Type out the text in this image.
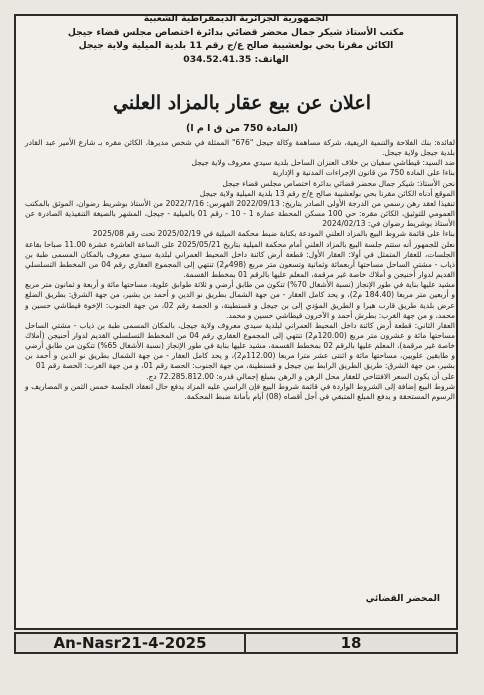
الجمهورية الجزائرية الديمقراطية الشعبية
مكتب الأستاذ شيكر جمال محضر قضائي بدائرة اختصاص مجلس قضاء جيجل
الكائن مقرنا بحي بولعشيبة صالح ع/ج رقم 11 بلدية الميلية ولاية جيجل
الهاتف: 034.52.41.35
اعلان عن بيع عقار بالمزاد العلني
(المادة 750 من ق ا م ا)

لفائدة: بنك الفلاحة والتنمية الريفية، شركة مساهمة وكالة جيجل "676" الممثلة في شخص مديرها، الكائن مقره بـ شارع الأمير عبد القادر بلدية جيجل ولاية جيجل.

ضد السيد: قيطاشي سفيان بن خلاف العنزان الساحل بلدية سيدي معروف ولاية جيجل

بناءا على المادة 750 من قانون الإجراءات المدنية و الإدارية

نحن الأستاذ: شيكر جمال محضر قضائي بدائرة اختصاص مجلس قضاء جيجل

الموقع أدناه الكائن مقرنا بحي بولعشيبة صالح ع/ج رقم 13 بلدية الميلية ولاية جيجل

تنفيذا لعقد رهن رسمي من الدرجة الأولى الصادر بتاريخ: 2022/09/13 الفهرس: 2022/7/16 من الأستاذ بوشريط رضوان، الموثق بالمكتب العمومي للتوثيق، الكائن مقره: حي 100 مسكن المحطة عمارة 1 - 10 - رقم 01 بالميلية - جيجل، المشهر بالصيغة التنفيذية الصادرة عن الأستاذ بوشريط رضوان في: 2024/02/13

بناءا على قائمة شروط البيع بالمزاد العلني المودعة بكتابة ضبط محكمة الميلية في 2025/02/19 تحت رقم 2025/08

نعلن للجمهور أنه ستتم جلسة البيع بالمزاد العلني أمام محكمة الميلية بتاريخ 2025/05/21 على الساعة العاشرة عشرة 11.00 صباحا بقاعة الجلسات، للعقار المتمثل في أولا: العقار الأول: قطعة أرض كائنة داخل المحيط العمراني لبلدية سيدي معروف بالمكان المسمى طبة بن ذياب - مشتي الساحل مساحتها أربعمائة وثمانية وتسعون متر مربع (498م2) تنتهي إلى المجموع العقاري رقم 04 من المخطط التسلسلي القديم لدوار أحنيجن و أملاك خاصة غير مرقمة، المعلم عليها بالرقم 01 بمخطط القسمة.

مشيد عليها بناية في طور الإنجاز (نسبة الأشغال 70%) تتكون من طابق أرضي و ثلاثة طوابق علوية، مساحتها مائة و أربعة و ثمانون متر مربع و أربعين متر مربعا (184.40 م2)، و يحد كامل العقار - من جهة الشمال بطريق نو الدين و أحمد بن بشير، من جهة الشرق: بطريق الضلع عرض بلدية طريق قارب هيرا و الطريق المؤدي إلى بن جيجل و قسنطينة، و الحصة رقم 02، من جهة الجنوب: الإخوة قيطاشي حسين و محمد، و من جهة الغرب: بطرش أحمد و الآخرون قيطاشي حسين و محمد.

العقار الثاني: قطعة أرض كائنة داخل المحيط العمراني لبلدية سيدي معروف ولاية جيجل، بالمكان المسمى طبة بن ذياب - مشتي الساحل مساحتها مائة و عشرون متر مربع (120.00م2) تنتهي إلى المجموع العقاري رقم 04 من المخطط التسلسلي القديم لدوار أحنيجن (أملاك خاصة غير مرقمة)، المعلم عليها بالرقم 02 بمخطط القسمة، مشيد عليها بناية في طور الإنجاز (نسبة الأشغال 65%) تتكون من طابق أرضي و طابقين علويين، مساحتها مائة و اثنتى عشر مترا مربعا (112.00م2)، و يحد كامل العقار - من جهة الشمال بطريق نو الدين و أحمد بن بشير، من جهة الشرق: طريق الطريق الرابط بين جيجل و قسنطينة، من جهة الجنوب: الحصة رقم 01، و من جهة الغرب: الحصة رقم 01

على أن يكون السعر الافتتاحي للعقار محل الرهن و الرهن بمبلغ إجمالي قدره: 72.285.812.00 دج.

شروط البيع إضافة إلى الشروط الواردة في قائمة شروط البيع فإن الراسي عليه المزاد يدفع حال انعقاد الجلسة خمس الثمن و المصاريف و الرسوم المستحقة و يدفع المبلغ المتبقي في أجل أقصاه (08) أيام بأمانة ضبط المحكمة.

المحضر القضائي
An-Nasr21-4-2025	18
